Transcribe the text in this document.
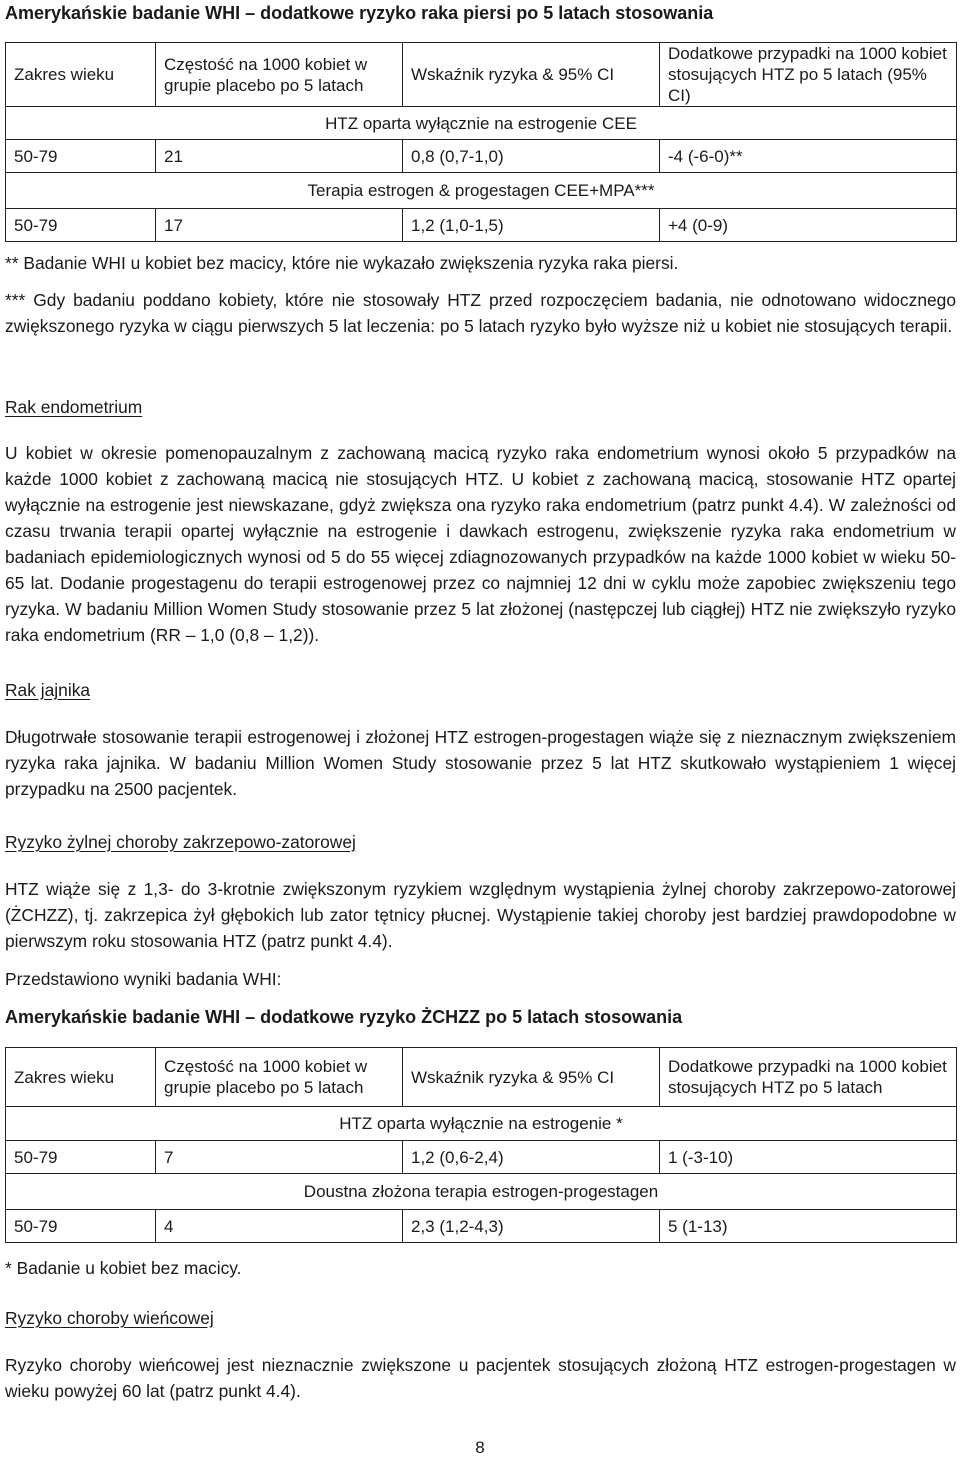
Amerykańskie badanie WHI – dodatkowe ryzyko raka piersi po 5 latach stosowania

Zakres wieku	Częstość na 1000 kobiet w grupie placebo po 5 latach	Wskaźnik ryzyka & 95% CI	Dodatkowe przypadki na 1000 kobiet stosujących HTZ po 5 latach (95% CI)
HTZ oparta wyłącznie na estrogenie CEE			
50-79	21	0,8 (0,7-1,0)	-4 (-6-0)**
Terapia estrogen & progestagen CEE+MPA***			
50-79	17	1,2 (1,0-1,5)	+4 (0-9)

** Badanie WHI u kobiet bez macicy, które nie wykazało zwiększenia ryzyka raka piersi.

*** Gdy badaniu poddano kobiety, które nie stosowały HTZ przed rozpoczęciem badania, nie odnotowano widocznego zwiększonego ryzyka w ciągu pierwszych 5 lat leczenia: po 5 latach ryzyko było wyższe niż u kobiet nie stosujących terapii.

Rak endometrium

U kobiet w okresie pomenopauzalnym z zachowaną macicą ryzyko raka endometrium wynosi około 5 przypadków na każde 1000 kobiet z zachowaną macicą nie stosujących HTZ. U kobiet z zachowaną macicą, stosowanie HTZ opartej wyłącznie na estrogenie jest niewskazane, gdyż zwiększa ona ryzyko raka endometrium (patrz punkt 4.4). W zależności od czasu trwania terapii opartej wyłącznie na estrogenie i dawkach estrogenu, zwiększenie ryzyka raka endometrium w badaniach epidemiologicznych wynosi od 5 do 55 więcej zdiagnozowanych przypadków na każde 1000 kobiet w wieku 50-65 lat. Dodanie progestagenu do terapii estrogenowej przez co najmniej 12 dni w cyklu może zapobiec zwiększeniu tego ryzyka. W badaniu Million Women Study stosowanie przez 5 lat złożonej (następczej lub ciągłej) HTZ nie zwiększyło ryzyko raka endometrium (RR – 1,0 (0,8 – 1,2)).

Rak jajnika

Długotrwałe stosowanie terapii estrogenowej i złożonej HTZ estrogen-progestagen wiąże się z nieznacznym zwiększeniem ryzyka raka jajnika. W badaniu Million Women Study stosowanie przez 5 lat HTZ skutkowało wystąpieniem 1 więcej przypadku na 2500 pacjentek.

Ryzyko żylnej choroby zakrzepowo-zatorowej

HTZ wiąże się z 1,3- do 3-krotnie zwiększonym ryzykiem względnym wystąpienia żylnej choroby zakrzepowo-zatorowej (ŻCHZZ), tj. zakrzepica żył głębokich lub zator tętnicy płucnej. Wystąpienie takiej choroby jest bardziej prawdopodobne w pierwszym roku stosowania HTZ (patrz punkt 4.4).

Przedstawiono wyniki badania WHI:

Amerykańskie badanie WHI – dodatkowe ryzyko ŻCHZZ po 5 latach stosowania

Zakres wieku	Częstość na 1000 kobiet w grupie placebo po 5 latach	Wskaźnik ryzyka & 95% CI	Dodatkowe przypadki na 1000 kobiet stosujących HTZ po 5 latach
HTZ oparta wyłącznie na estrogenie *			
50-79	7	1,2 (0,6-2,4)	1 (-3-10)
Doustna złożona terapia estrogen-progestagen			
50-79	4	2,3 (1,2-4,3)	5 (1-13)

* Badanie u kobiet bez macicy.

Ryzyko choroby wieńcowej

Ryzyko choroby wieńcowej jest nieznacznie zwiększone u pacjentek stosujących złożoną HTZ estrogen-progestagen w wieku powyżej 60 lat (patrz punkt 4.4).

8
